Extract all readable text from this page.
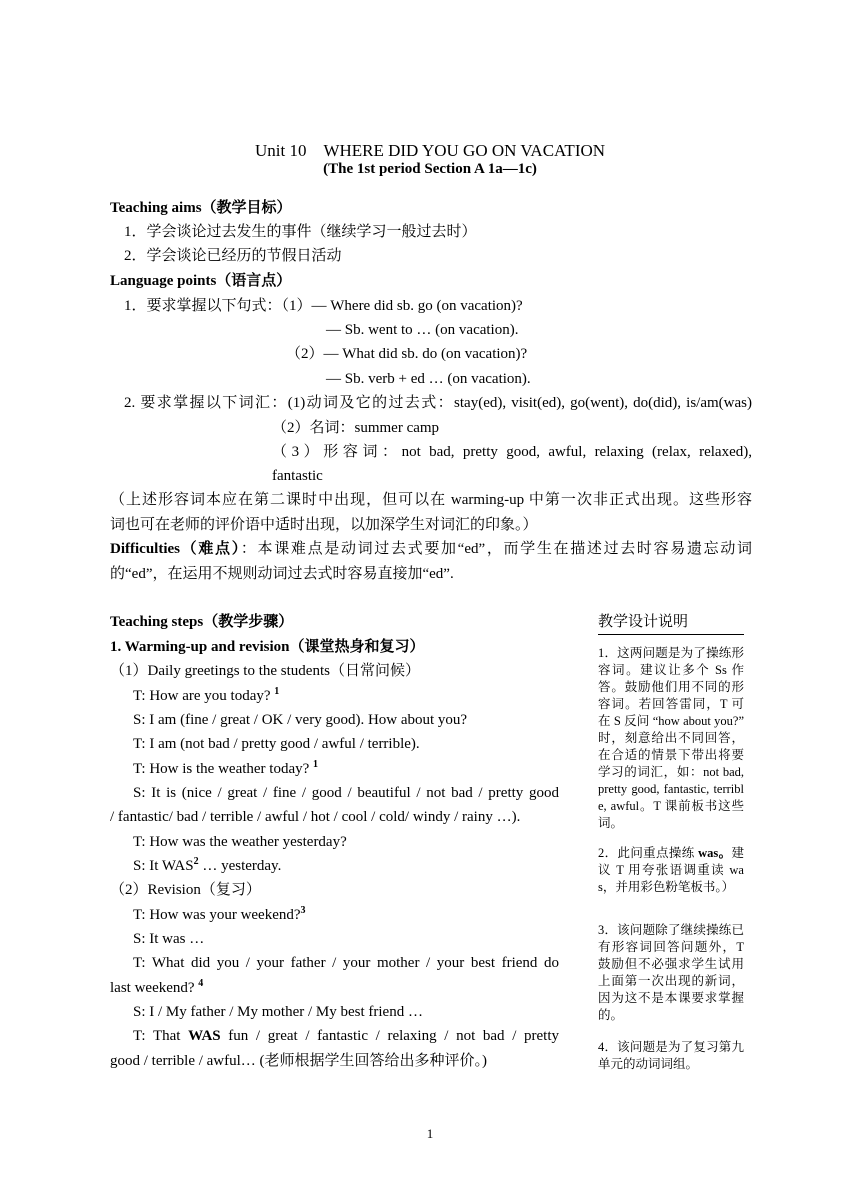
Unit 10　WHERE DID YOU GO ON VACATION
(The 1st period Section A 1a—1c)
Teaching aims（教学目标）
1．学会谈论过去发生的事件（继续学习一般过去时）
2．学会谈论已经历的节假日活动
Language points（语言点）
1．要求掌握以下句式：（1）— Where did sb. go (on vacation)?
— Sb. went to … (on vacation).
（2）— What did sb. do (on vacation)?
— Sb. verb + ed … (on vacation).
2. 要求掌握以下词汇：(1)动词及它的过去式：stay(ed), visit(ed), go(went), do(did), is/am(was)
（2）名词：summer camp
（3）形容词：not bad, pretty good, awful, relaxing (relax, relaxed),
fantastic
（上述形容词本应在第二课时中出现，但可以在 warming-up 中第一次非正式出现。这些形容
词也可在老师的评价语中适时出现，以加深学生对词汇的印象。）
Difficulties（难点）：本课难点是动词过去式要加“ed”，而学生在描述过去时容易遗忘动词
的“ed”，在运用不规则动词过去式时容易直接加“ed”.
Teaching steps（教学步骤）
1. Warming-up and revision（课堂热身和复习）
（1）Daily greetings to the students（日常问候）
T: How are you today? $^1$
S: I am (fine / great / OK / very good). How about you?
T: I am (not bad / pretty good / awful / terrible).
T: How is the weather today? $^1$
S: It is (nice / great / fine / good / beautiful / not bad / pretty good
/ fantastic/ bad / terrible / awful / hot / cool / cold/ windy / rainy …).
T: How was the weather yesterday?
S: It WAS$^2$ … yesterday.
（2）Revision（复习）
T: How was your weekend?$^3$
S: It was …
T: What did you / your father / your mother / your best friend do
last weekend? $^4$
S: I / My father / My mother / My best friend …
T: That WAS fun / great / fantastic / relaxing / not bad / pretty
good / terrible / awful… (老师根据学生回答给出多种评价。)
教学设计说明
1．这两问题是为了操练形容词。建议让多个 Ss 作答。鼓励他们用不同的形容词。若回答雷同，T 可在 S 反问 “how about you?” 时，刻意给出不同回答，在合适的情景下带出将要学习的词汇，如：not bad, pretty good, fantastic, terrible, awful。T 课前板书这些词。
2．此问重点操练 was。建议 T 用夸张语调重读 was，并用彩色粉笔板书。）
3．该问题除了继续操练已有形容词回答问题外，T 鼓励但不必强求学生试用上面第一次出现的新词，因为这不是本课要求掌握的。
4．该问题是为了复习第九单元的动词词组。
1
